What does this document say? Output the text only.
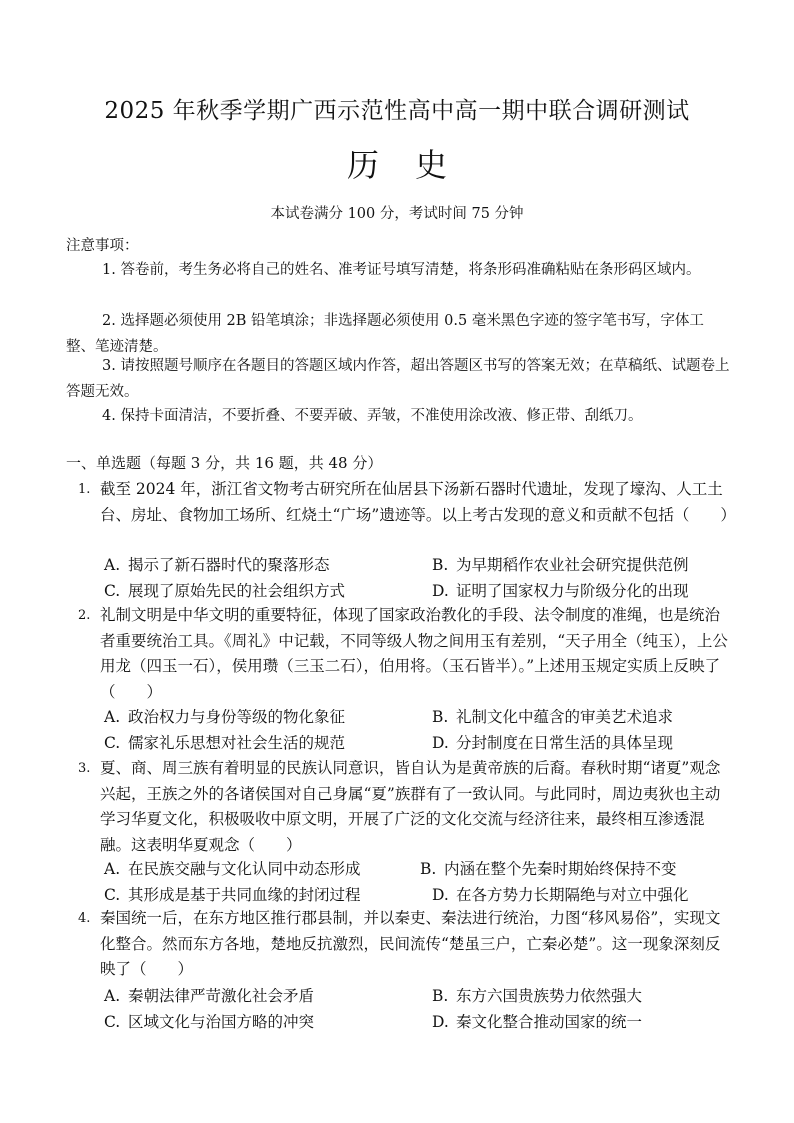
2025 年秋季学期广西示范性高中高一期中联合调研测试
历 史
本试卷满分 100 分，考试时间 75 分钟
注意事项：
1. 答卷前，考生务必将自己的姓名、准考证号填写清楚，将条形码准确粘贴在条形码区域内。
2. 选择题必须使用 2B 铅笔填涂；非选择题必须使用 0.5 毫米黑色字迹的签字笔书写，字体工整、笔迹清楚。
3. 请按照题号顺序在各题目的答题区域内作答，超出答题区书写的答案无效；在草稿纸、试题卷上答题无效。
4. 保持卡面清洁，不要折叠、不要弄破、弄皱，不准使用涂改液、修正带、刮纸刀。
一、单选题（每题 3 分，共 16 题，共 48 分）
1. 截至 2024 年，浙江省文物考古研究所在仙居县下汤新石器时代遗址，发现了壕沟、人工土台、房址、食物加工场所、红烧土“广场”遗迹等。以上考古发现的意义和贡献不包括（　　）
A. 揭示了新石器时代的聚落形态	B. 为早期稻作农业社会研究提供范例
C. 展现了原始先民的社会组织方式	D. 证明了国家权力与阶级分化的出现
2. 礼制文明是中华文明的重要特征，体现了国家政治教化的手段、法令制度的准绳，也是统治者重要统治工具。《周礼》中记载，不同等级人物之间用玉有差别，“天子用全（纯玉），上公用龙（四玉一石），侯用瓒（三玉二石），伯用将。（玉石皆半）。”上述用玉规定实质上反映了（　　）
A. 政治权力与身份等级的物化象征	B. 礼制文化中蕴含的审美艺术追求
C. 儒家礼乐思想对社会生活的规范	D. 分封制度在日常生活的具体呈现
3. 夏、商、周三族有着明显的民族认同意识，皆自认为是黄帝族的后裔。春秋时期“诸夏”观念兴起，王族之外的各诸侯国对自己身属“夏”族群有了一致认同。与此同时，周边夷狄也主动学习华夏文化，积极吸收中原文明，开展了广泛的文化交流与经济往来，最终相互渗透混融。这表明华夏观念（　　）
A. 在民族交融与文化认同中动态形成	B. 内涵在整个先秦时期始终保持不变
C. 其形成是基于共同血缘的封闭过程	D. 在各方势力长期隔绝与对立中强化
4. 秦国统一后，在东方地区推行郡县制，并以秦吏、秦法进行统治，力图“移风易俗”，实现文化整合。然而东方各地，楚地反抗激烈，民间流传“楚虽三户，亡秦必楚”。这一现象深刻反映了（　　）
A. 秦朝法律严苛激化社会矛盾	B. 东方六国贵族势力依然强大
C. 区域文化与治国方略的冲突	D. 秦文化整合推动国家的统一
